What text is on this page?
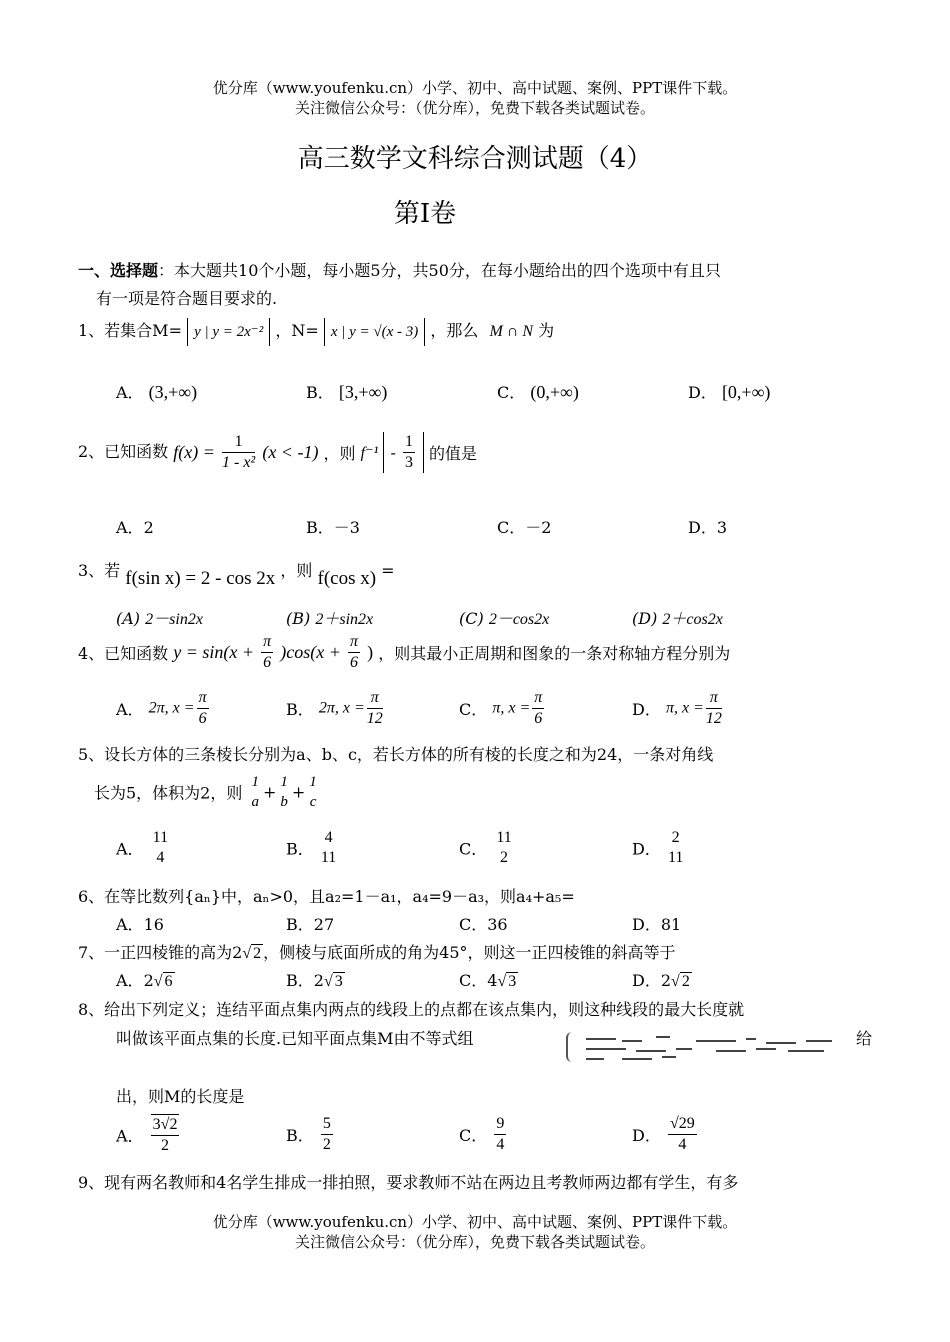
优分库（www.youfenku.cn）小学、初中、高中试题、案例、PPT课件下载。
关注微信公众号：（优分库），免费下载各类试题试卷。
高三数学文科综合测试题（4）
第Ⅰ卷
一、选择题：本大题共10个小题，每小题5分，共50分，在每小题给出的四个选项中有且只
有一项是符合题目要求的.
1、若集合M= y | y = 2x⁻² ，N= x | y = √(x - 3) ，那么 M ∩ N 为
A． (3,+∞)	B． [3,+∞)	C． (0,+∞)	D． [0,+∞)
2、已知函数 $f(x) = \frac{1}{\text{1 - x²}} (x < -1)$ ，则 $f^{-1} - \frac{1}{3}$ 的值是
A．2	B．－3	C．－2	D．3
3、若 f(sin x) = 2 - cos 2x ，则 f(cos x) =
(A) 2－sin2x	(B) 2＋sin2x	(C) 2－cos2x	(D) 2＋cos2x
4、已知函数 $y = \sin(x + \frac{\pi}{6} )\cos(x + \frac{\pi}{6}$ ) ，则其最小正周期和图象的一条对称轴方程分别为
A． 2π, $x = \frac{\pi}{6}$	B． 2π, $x = \frac{\pi}{12}$	C． π, $x = \frac{\pi}{6}$	D． π, $x = \frac{\pi}{12}$
5、设长方体的三条棱长分别为a、b、c，若长方体的所有棱的长度之和为24，一条对角线
长为5，体积为2，则
1
a
+
1
b
+
1
c
A．
11
4	B．
4
11	C．
11
2	D．
2
11
6、在等比数列{aₙ}中，aₙ>0，且a₂=1－a₁，a₄=9－a₃，则a₄+a₅=
A．16	B．27	C．36	D．81
7、一正四棱锥的高为2√ 2 ，侧棱与底面所成的角为45°，则这一正四棱锥的斜高等于
A．2√ 6	B．2√ 3	C．4√ 3	D．2√ 2
8、给出下列定义；连结平面点集内两点的线段上的点都在该点集内，则这种线段的最大长度就
叫做该平面点集的长度.已知平面点集M由不等式组	给
出，则M的长度是
A． $\frac{3√2}{2}$	B． $\frac{5}{2}$	C． $\frac{9}{4}$	D． $\frac{√29}{4}$
9、现有两名教师和4名学生排成一排拍照，要求教师不站在两边且考教师两边都有学生，有多
优分库（www.youfenku.cn）小学、初中、高中试题、案例、PPT课件下载。
关注微信公众号：（优分库），免费下载各类试题试卷。
